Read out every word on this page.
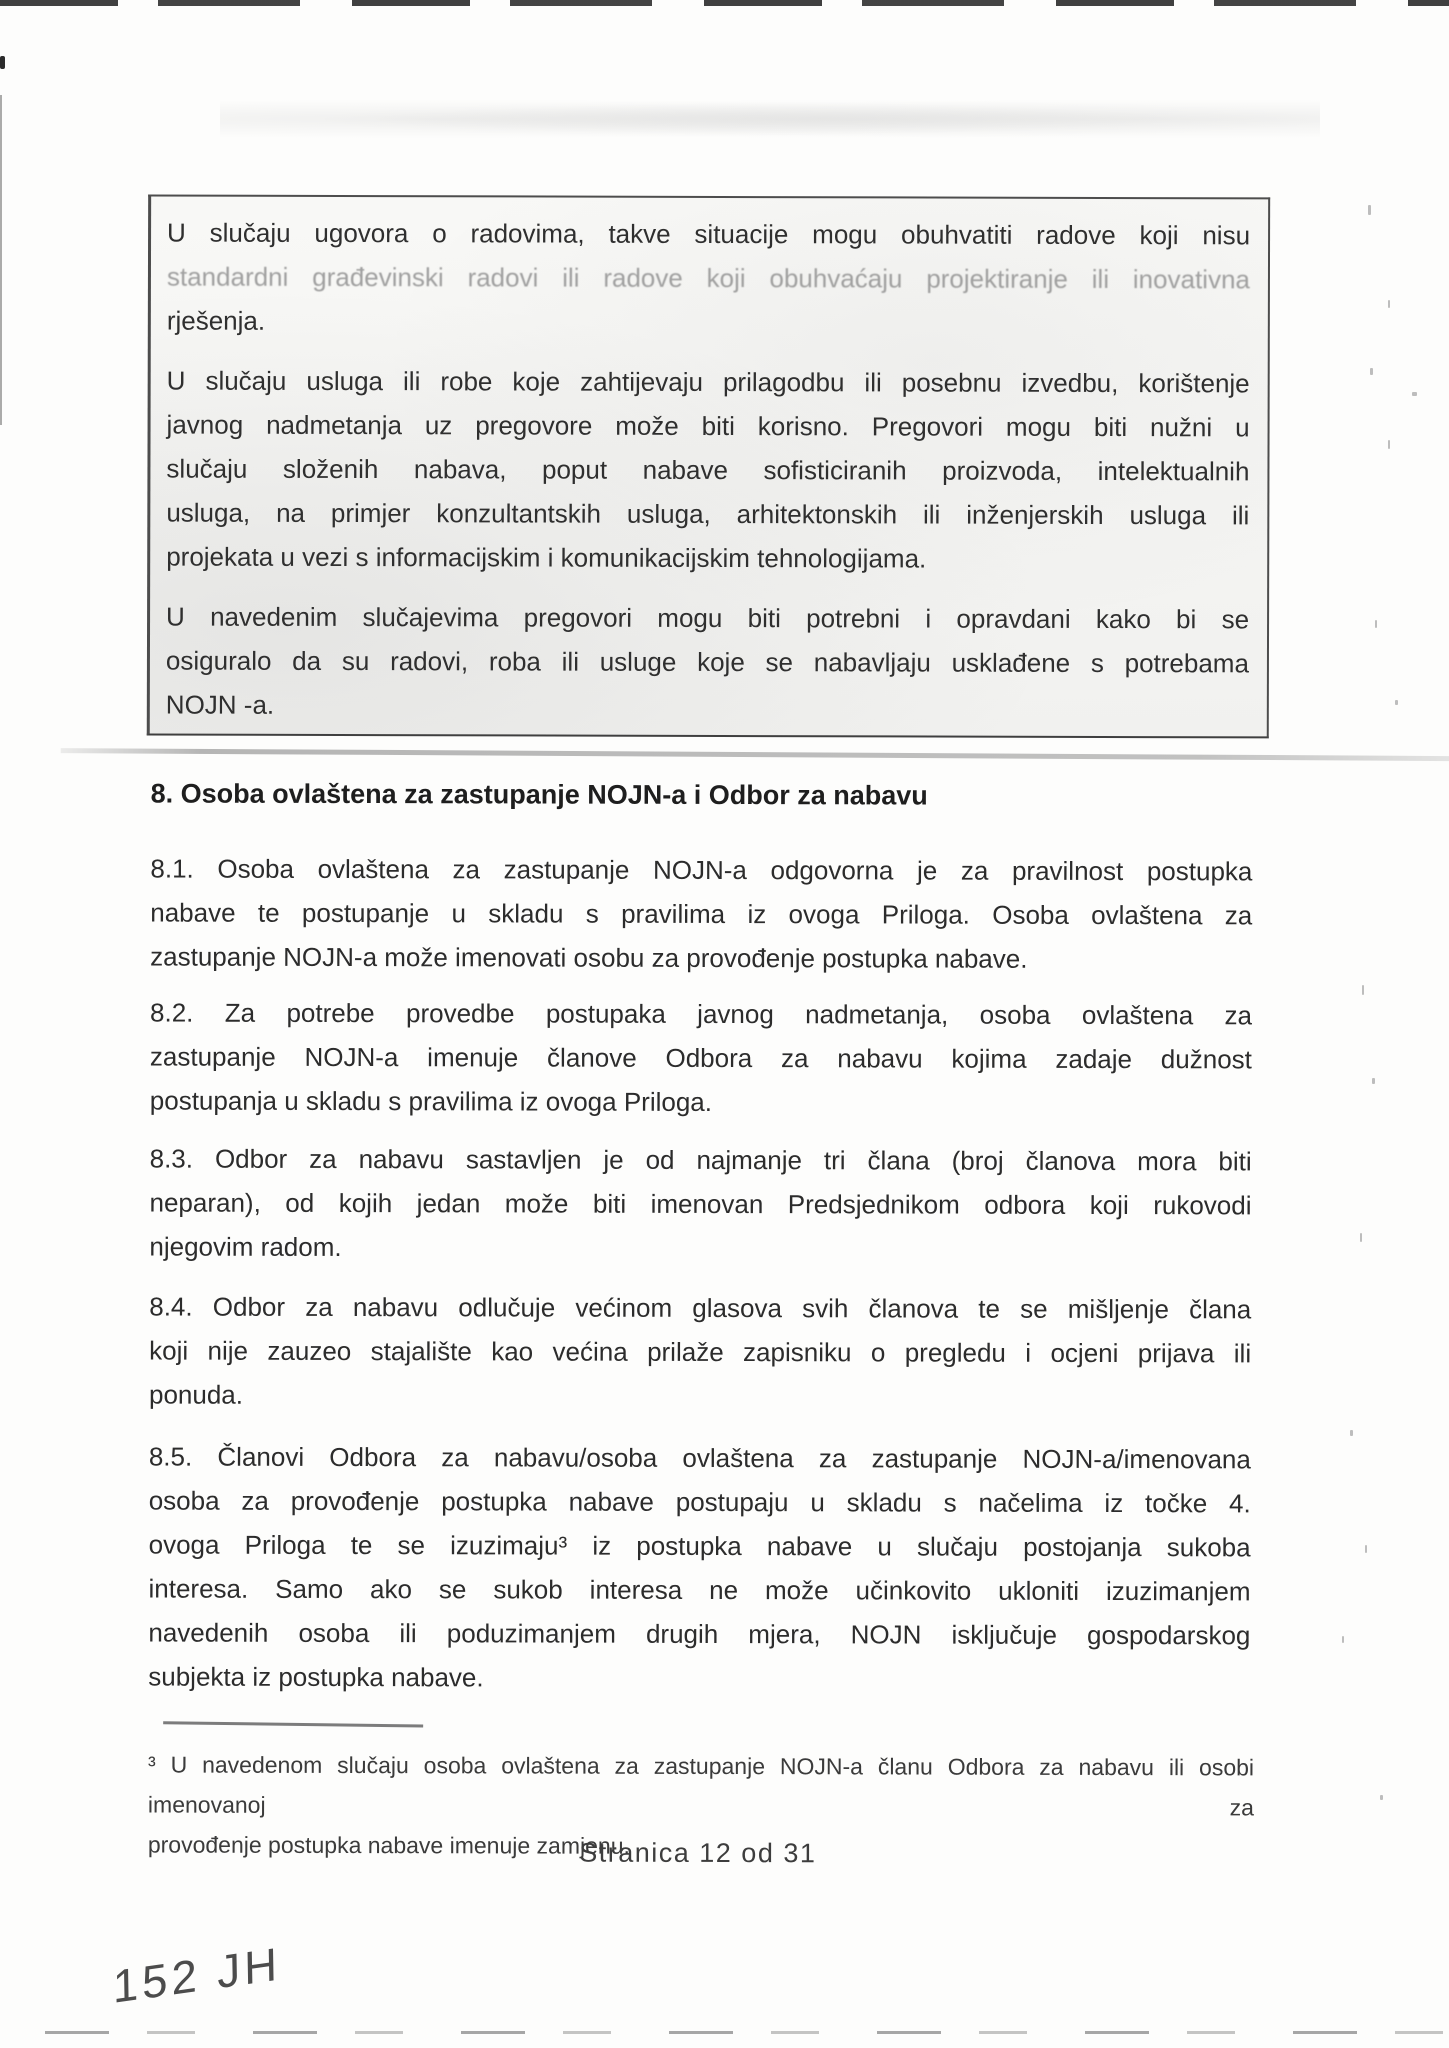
U slučaju ugovora o radovima, takve situacije mogu obuhvatiti radove koji nisu
standardni građevinski radovi ili radove koji obuhvaćaju projektiranje ili inovativna
rješenja.

U slučaju usluga ili robe koje zahtijevaju prilagodbu ili posebnu izvedbu, korištenje
javnog nadmetanja uz pregovore može biti korisno. Pregovori mogu biti nužni u
slučaju složenih nabava, poput nabave sofisticiranih proizvoda, intelektualnih
usluga, na primjer konzultantskih usluga, arhitektonskih ili inženjerskih usluga ili
projekata u vezi s informacijskim i komunikacijskim tehnologijama.

U navedenim slučajevima pregovori mogu biti potrebni i opravdani kako bi se
osiguralo da su radovi, roba ili usluge koje se nabavljaju usklađene s potrebama
NOJN -a.

8. Osoba ovlaštena za zastupanje NOJN-a i Odbor za nabavu
8.1. Osoba ovlaštena za zastupanje NOJN-a odgovorna je za pravilnost postupka
nabave te postupanje u skladu s pravilima iz ovoga Priloga. Osoba ovlaštena za
zastupanje NOJN-a može imenovati osobu za provođenje postupka nabave.
8.2. Za potrebe provedbe postupaka javnog nadmetanja, osoba ovlaštena za
zastupanje NOJN-a imenuje članove Odbora za nabavu kojima zadaje dužnost
postupanja u skladu s pravilima iz ovoga Priloga.
8.3. Odbor za nabavu sastavljen je od najmanje tri člana (broj članova mora biti
neparan), od kojih jedan može biti imenovan Predsjednikom odbora koji rukovodi
njegovim radom.
8.4. Odbor za nabavu odlučuje većinom glasova svih članova te se mišljenje člana
koji nije zauzeo stajalište kao većina prilaže zapisniku o pregledu i ocjeni prijava ili
ponuda.
8.5. Članovi Odbora za nabavu/osoba ovlaštena za zastupanje NOJN-a/imenovana
osoba za provođenje postupka nabave postupaju u skladu s načelima iz točke 4.
ovoga Priloga te se izuzimaju³ iz postupka nabave u slučaju postojanja sukoba
interesa. Samo ako se sukob interesa ne može učinkovito ukloniti izuzimanjem
navedenih osoba ili poduzimanjem drugih mjera, NOJN isključuje gospodarskog
subjekta iz postupka nabave.
³ U navedenom slučaju osoba ovlaštena za zastupanje NOJN-a članu Odbora za nabavu ili osobi imenovanoj za
provođenje postupka nabave imenuje zamjenu.
Stranica 12 od 31
152 JH
